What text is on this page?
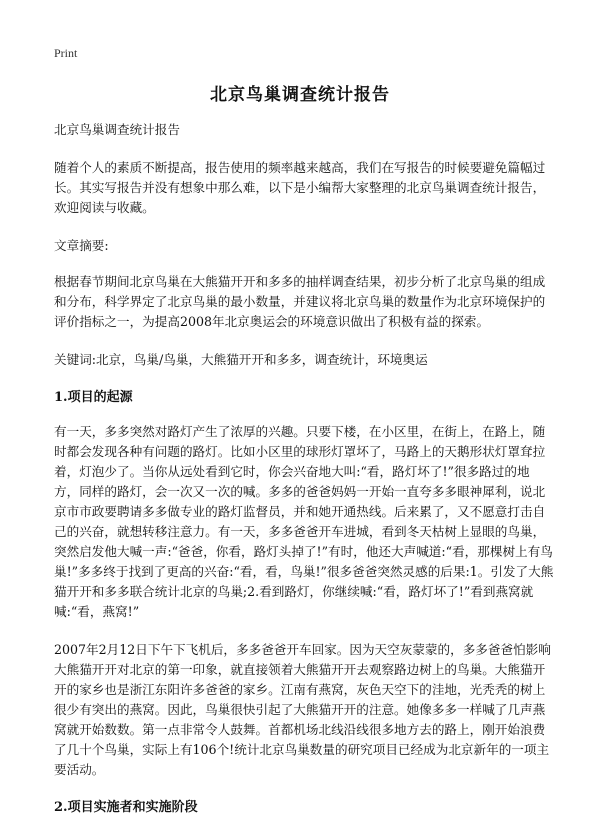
Print
北京鸟巢调查统计报告

北京鸟巢调查统计报告

随着个人的素质不断提高，报告使用的频率越来越高，我们在写报告的时候要避免篇幅过长。其实写报告并没有想象中那么难，以下是小编帮大家整理的北京鸟巢调查统计报告，欢迎阅读与收藏。

文章摘要:

根据春节期间北京鸟巢在大熊猫开开和多多的抽样调查结果，初步分析了北京鸟巢的组成和分布，科学界定了北京鸟巢的最小数量，并建议将北京鸟巢的数量作为北京环境保护的评价指标之一，为提高2008年北京奥运会的环境意识做出了积极有益的探索。

关键词:北京，鸟巢/鸟巢，大熊猫开开和多多，调查统计，环境奥运

1.项目的起源

有一天，多多突然对路灯产生了浓厚的兴趣。只要下楼，在小区里，在街上，在路上，随时都会发现各种有问题的路灯。比如小区里的球形灯罩坏了，马路上的天鹅形状灯罩耷拉着，灯泡少了。当你从远处看到它时，你会兴奋地大叫:“看，路灯坏了!”很多路过的地方，同样的路灯，会一次又一次的喊。多多的爸爸妈妈一开始一直夸多多眼神犀利，说北京市市政要聘请多多做专业的路灯监督员，并和她开通热线。后来累了，又不愿意打击自己的兴奋，就想转移注意力。有一天，多多爸爸开车进城，看到冬天枯树上显眼的鸟巢，突然启发他大喊一声:“爸爸，你看，路灯头掉了!”有时，他还大声喊道:“看，那棵树上有鸟巢!”多多终于找到了更高的兴奋:“看，看，鸟巢!”很多爸爸突然灵感的后果:1。引发了大熊猫开开和多多联合统计北京的鸟巢;2.看到路灯，你继续喊:“看，路灯坏了!”看到燕窝就喊:“看，燕窝!”

2007年2月12日下午下飞机后，多多爸爸开车回家。因为天空灰蒙蒙的，多多爸爸怕影响大熊猫开开对北京的第一印象，就直接领着大熊猫开开去观察路边树上的鸟巢。大熊猫开开的家乡也是浙江东阳许多爸爸的家乡。江南有燕窝，灰色天空下的洼地，光秃秃的树上很少有突出的燕窝。因此，鸟巢很快引起了大熊猫开开的注意。她像多多一样喊了几声燕窝就开始数数。第一点非常令人鼓舞。首都机场北线沿线很多地方去的路上，刚开始浪费了几十个鸟巢，实际上有106个!统计北京鸟巢数量的研究项目已经成为北京新年的一项主要活动。

2.项目实施者和实施阶段
